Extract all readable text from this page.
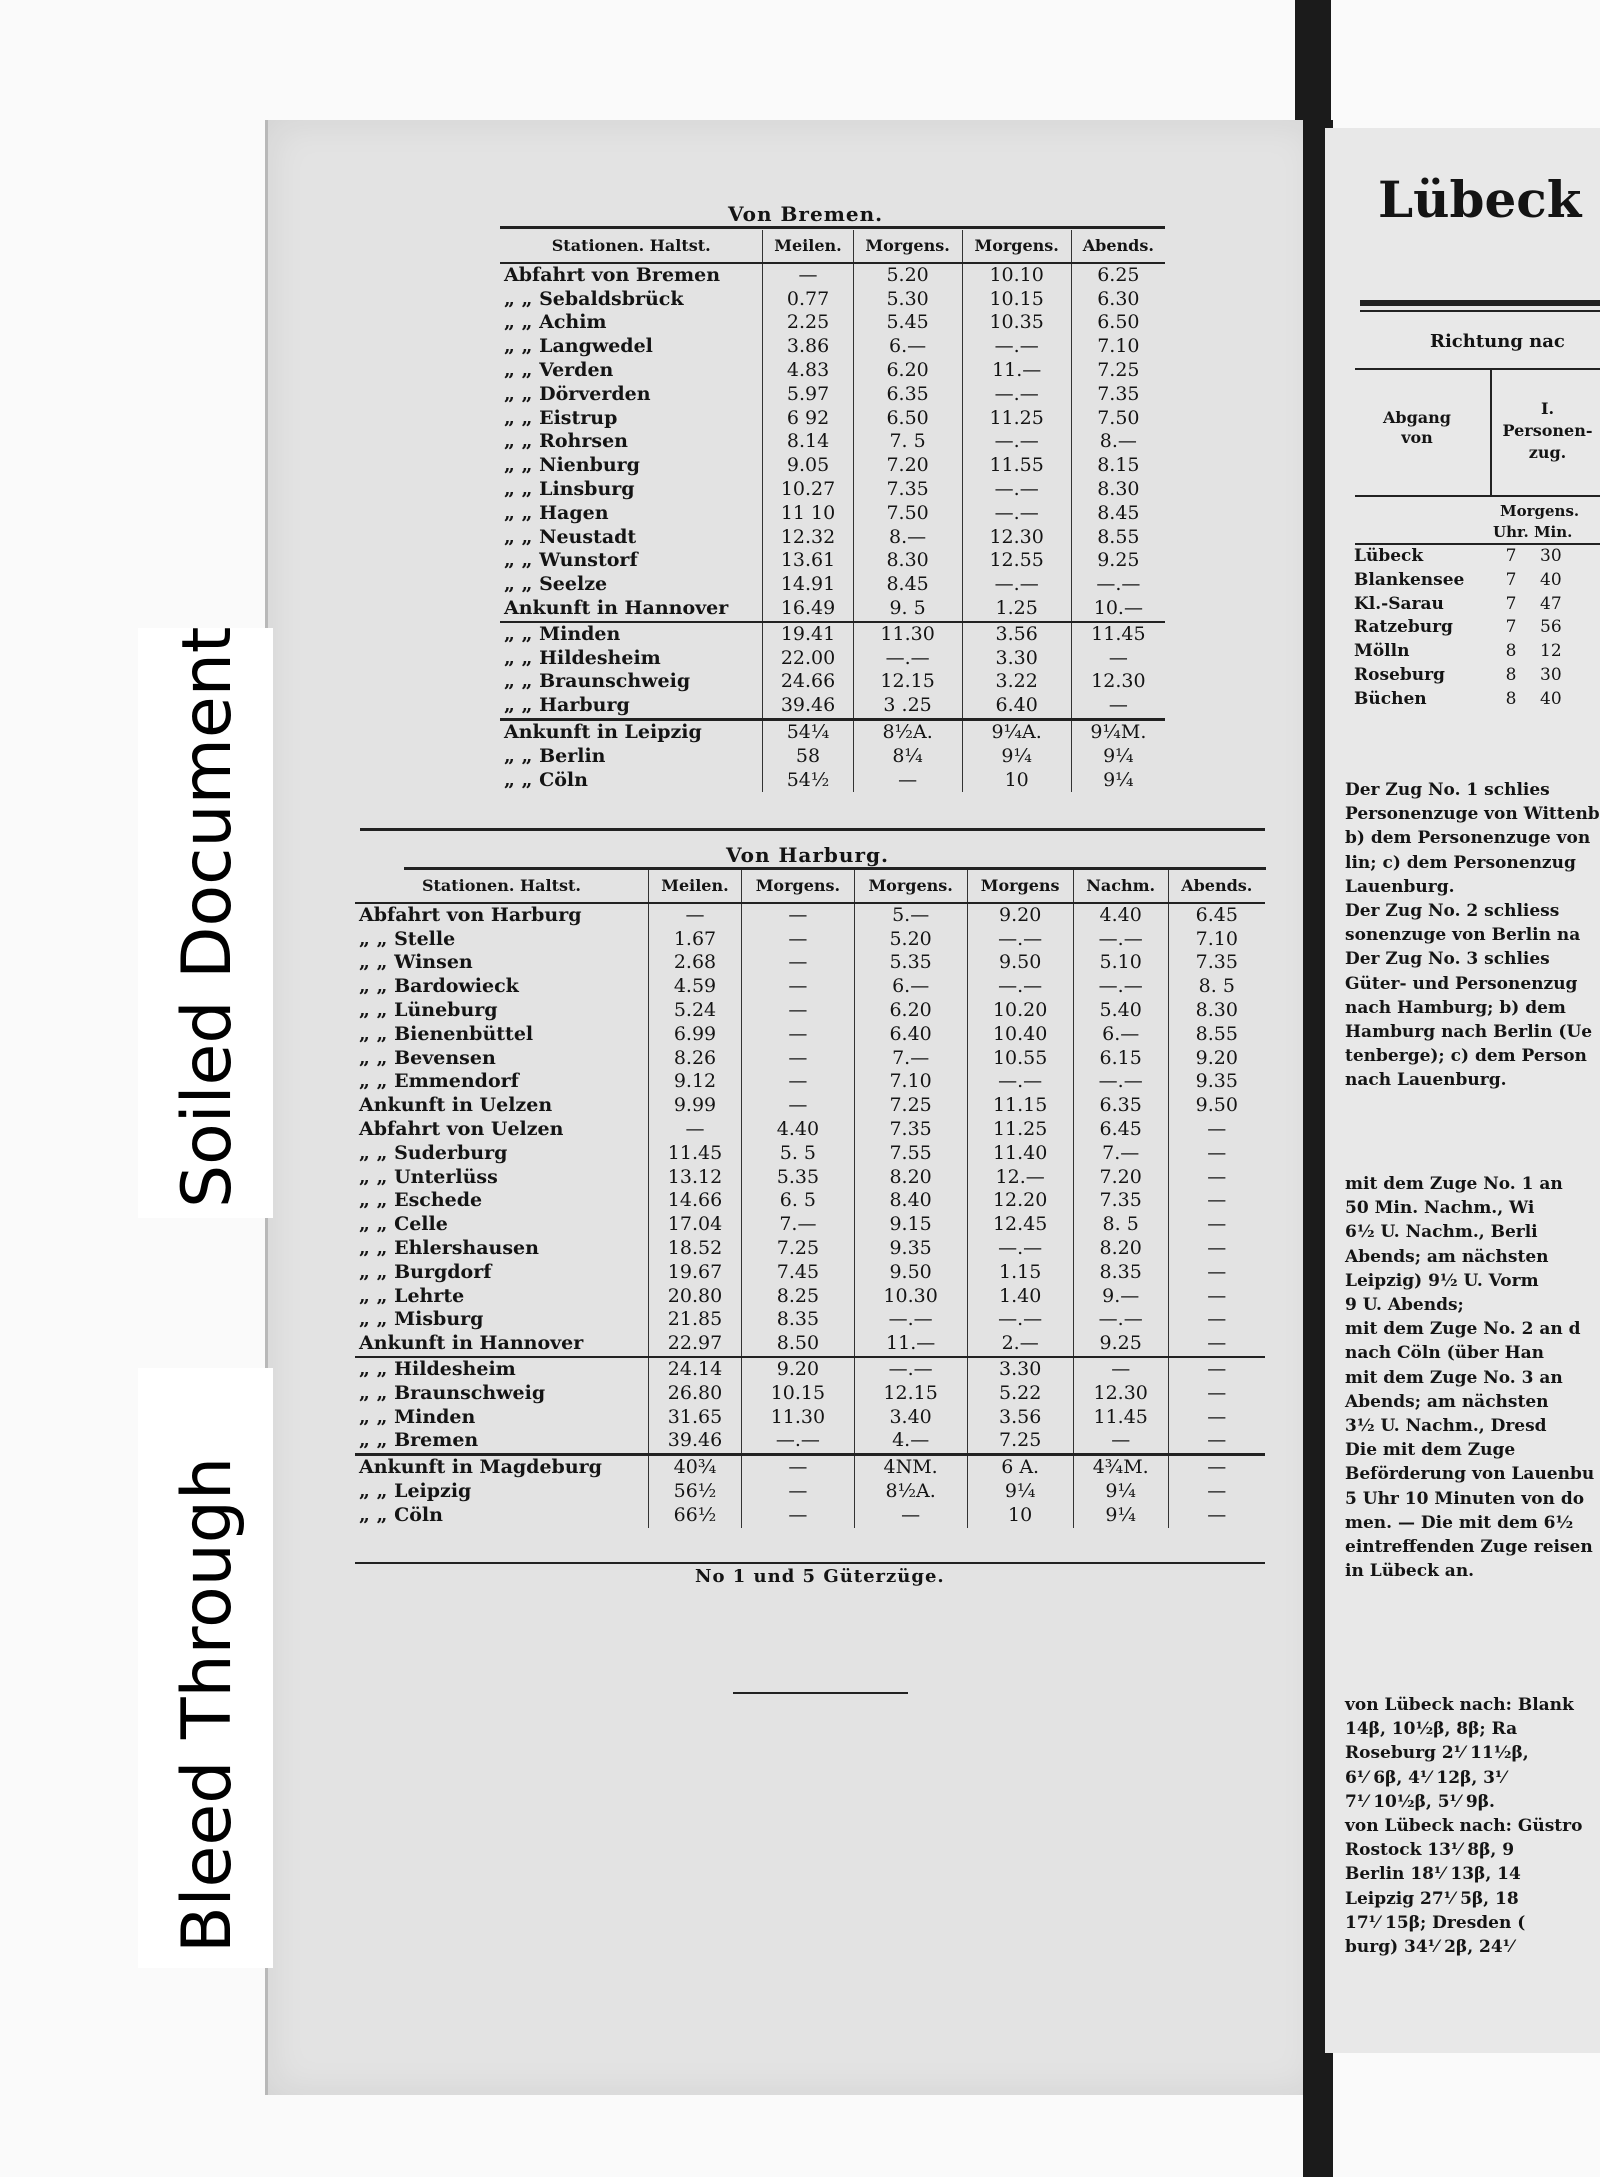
Soiled Document
Bleed Through
Von Bremen.
Stationen. Haltst.	Meilen.	Morgens.	Morgens.	Abends.
Abfahrt von Bremen	—	5.20	10.10	6.25
„ „ Sebaldsbrück	0.77	5.30	10.15	6.30
„ „ Achim	2.25	5.45	10.35	6.50
„ „ Langwedel	3.86	6.—	—.—	7.10
„ „ Verden	4.83	6.20	11.—	7.25
„ „ Dörverden	5.97	6.35	—.—	7.35
„ „ Eistrup	6 92	6.50	11.25	7.50
„ „ Rohrsen	8.14	7. 5	—.—	8.—
„ „ Nienburg	9.05	7.20	11.55	8.15
„ „ Linsburg	10.27	7.35	—.—	8.30
„ „ Hagen	11 10	7.50	—.—	8.45
„ „ Neustadt	12.32	8.—	12.30	8.55
„ „ Wunstorf	13.61	8.30	12.55	9.25
„ „ Seelze	14.91	8.45	—.—	—.—
Ankunft in Hannover	16.49	9. 5	1.25	10.—
„ „ Minden	19.41	11.30	3.56	11.45
„ „ Hildesheim	22.00	—.—	3.30	—
„ „ Braunschweig	24.66	12.15	3.22	12.30
„ „ Harburg	39.46	3 .25	6.40	—
Ankunft in Leipzig	54¼	8½A.	9¼A.	9¼M.
„ „ Berlin	58	8¼	9¼	9¼
„ „ Cöln	54½	—	10	9¼
Von Harburg.
Stationen. Haltst.	Meilen.	Morgens.	Morgens.	Morgens	Nachm.	Abends.
Abfahrt von Harburg	—	—	5.—	9.20	4.40	6.45
„ „ Stelle	1.67	—	5.20	—.—	—.—	7.10
„ „ Winsen	2.68	—	5.35	9.50	5.10	7.35
„ „ Bardowieck	4.59	—	6.—	—.—	—.—	8. 5
„ „ Lüneburg	5.24	—	6.20	10.20	5.40	8.30
„ „ Bienenbüttel	6.99	—	6.40	10.40	6.—	8.55
„ „ Bevensen	8.26	—	7.—	10.55	6.15	9.20
„ „ Emmendorf	9.12	—	7.10	—.—	—.—	9.35
Ankunft in Uelzen	9.99	—	7.25	11.15	6.35	9.50
Abfahrt von Uelzen	—	4.40	7.35	11.25	6.45	—
„ „ Suderburg	11.45	5. 5	7.55	11.40	7.—	—
„ „ Unterlüss	13.12	5.35	8.20	12.—	7.20	—
„ „ Eschede	14.66	6. 5	8.40	12.20	7.35	—
„ „ Celle	17.04	7.—	9.15	12.45	8. 5	—
„ „ Ehlershausen	18.52	7.25	9.35	—.—	8.20	—
„ „ Burgdorf	19.67	7.45	9.50	1.15	8.35	—
„ „ Lehrte	20.80	8.25	10.30	1.40	9.—	—
„ „ Misburg	21.85	8.35	—.—	—.—	—.—	—
Ankunft in Hannover	22.97	8.50	11.—	2.—	9.25	—
„ „ Hildesheim	24.14	9.20	—.—	3.30	—	—
„ „ Braunschweig	26.80	10.15	12.15	5.22	12.30	—
„ „ Minden	31.65	11.30	3.40	3.56	11.45	—
„ „ Bremen	39.46	—.—	4.—	7.25	—	—
Ankunft in Magdeburg	40¾	—	4NM.	6 A.	4¾M.	—
„ „ Leipzig	56½	—	8½A.	9¼	9¼	—
„ „ Cöln	66½	—	—	10	9¼	—
No 1 und 5 Güterzüge.
Lübeck
Richtung nac
Abgang von
I. Personen- zug.
Morgens.
Uhr. Min.
Lübeck	7	30
Blankensee	7	40
Kl.-Sarau	7	47
Ratzeburg	7	56
Mölln	8	12
Roseburg	8	30
Büchen	8	40
Der Zug No. 1 schlies
Personenzuge von Wittenb
b) dem Personenzuge von
lin; c) dem Personenzug
Lauenburg.
Der Zug No. 2 schliess
sonenzuge von Berlin na
Der Zug No. 3 schlies
Güter- und Personenzug
nach Hamburg; b) dem
Hamburg nach Berlin (Ue
tenberge); c) dem Person
nach Lauenburg.
mit dem Zuge No. 1 an
50 Min. Nachm., Wi
6½ U. Nachm., Berli
Abends; am nächsten
Leipzig) 9½ U. Vorm
9 U. Abends;
mit dem Zuge No. 2 an d
nach Cöln (über Han
mit dem Zuge No. 3 an
Abends; am nächsten
3½ U. Nachm., Dresd
Die mit dem Zuge
Beförderung von Lauenbu
5 Uhr 10 Minuten von do
men. — Die mit dem 6½
eintreffenden Zuge reisen
in Lübeck an.
von Lübeck nach: Blank
14β, 10½β, 8β; Ra
Roseburg 2⅟ 11½β,
6⅟ 6β, 4⅟ 12β, 3⅟
7⅟ 10½β, 5⅟ 9β.
von Lübeck nach: Güstro
Rostock 13⅟ 8β, 9
Berlin 18⅟ 13β, 14
Leipzig 27⅟ 5β, 18
17⅟ 15β; Dresden (
burg) 34⅟ 2β, 24⅟
